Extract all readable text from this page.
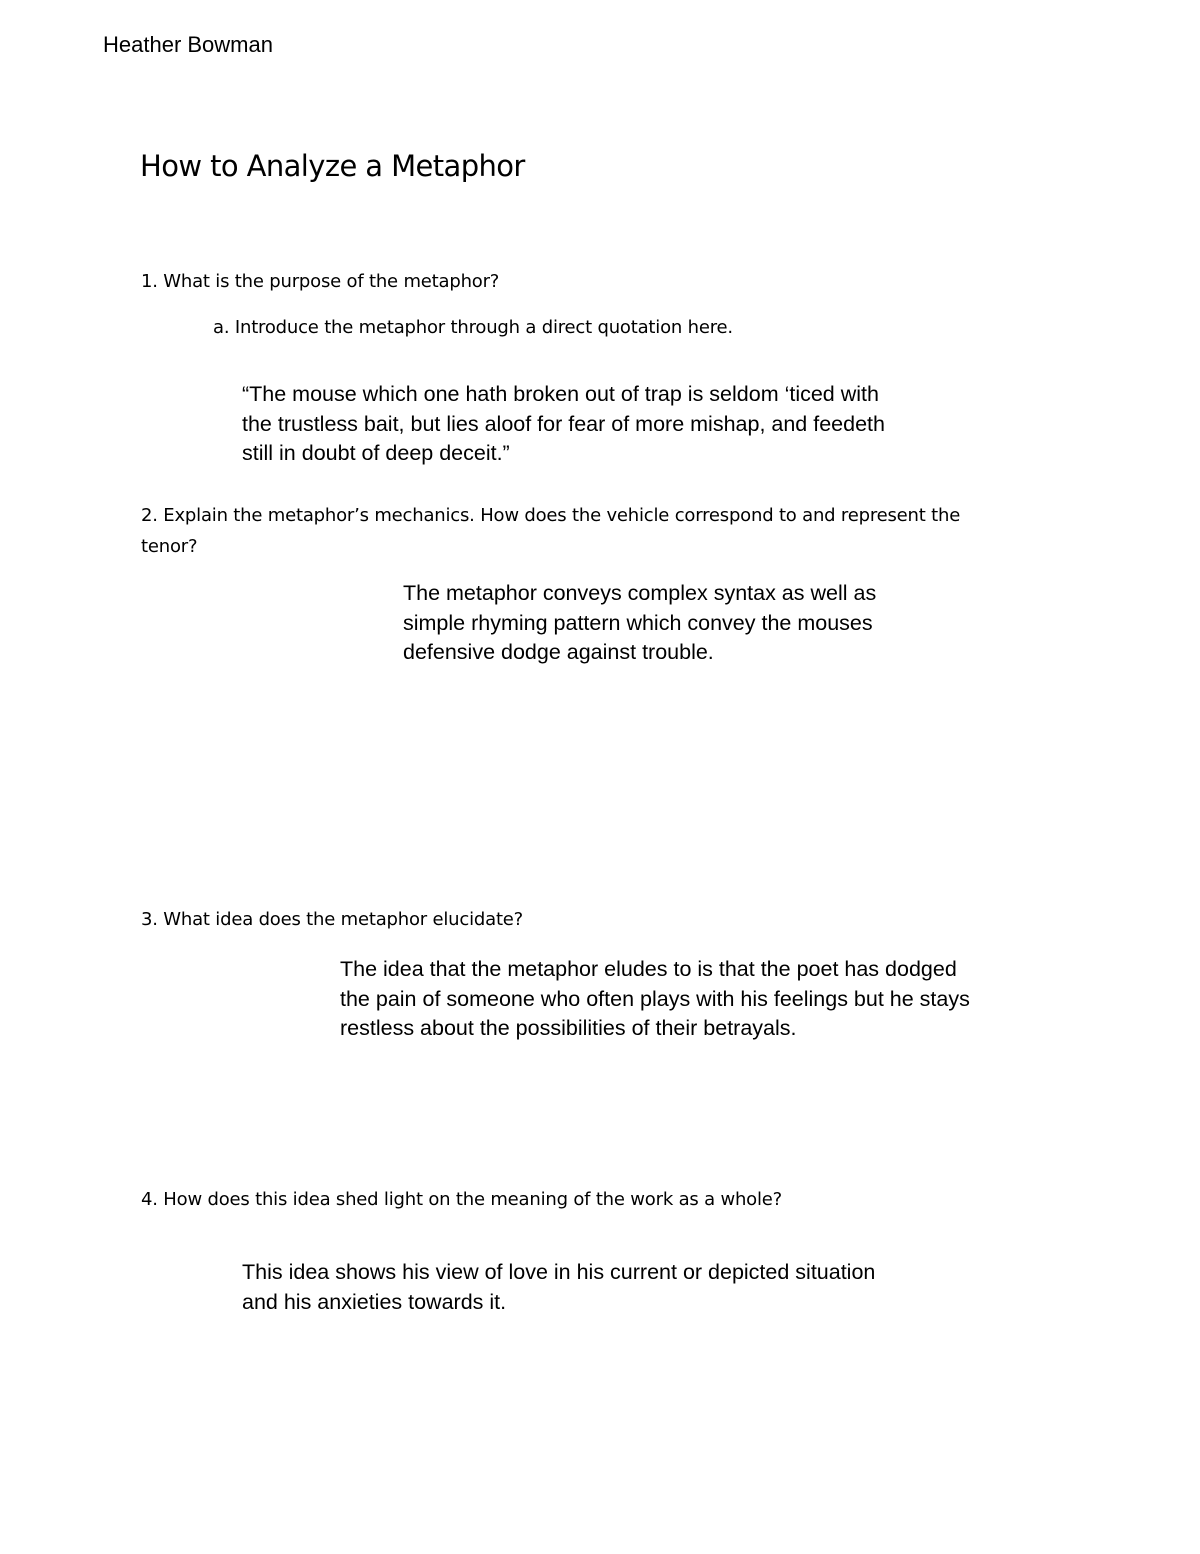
Heather Bowman
How to Analyze a Metaphor
1. What is the purpose of the metaphor?
a. Introduce the metaphor through a direct quotation here.
“The mouse which one hath broken out of trap is seldom ‘ticed with
the trustless bait, but lies aloof for fear of more mishap, and feedeth
still in doubt of deep deceit.”
2. Explain the metaphor’s mechanics. How does the vehicle correspond to and represent the
tenor?
The metaphor conveys complex syntax as well as
simple rhyming pattern which convey the mouses
defensive dodge against trouble.
3. What idea does the metaphor elucidate?
The idea that the metaphor eludes to is that the poet has dodged
the pain of someone who often plays with his feelings but he stays
restless about the possibilities of their betrayals.
4. How does this idea shed light on the meaning of the work as a whole?
This idea shows his view of love in his current or depicted situation
and his anxieties towards it.
